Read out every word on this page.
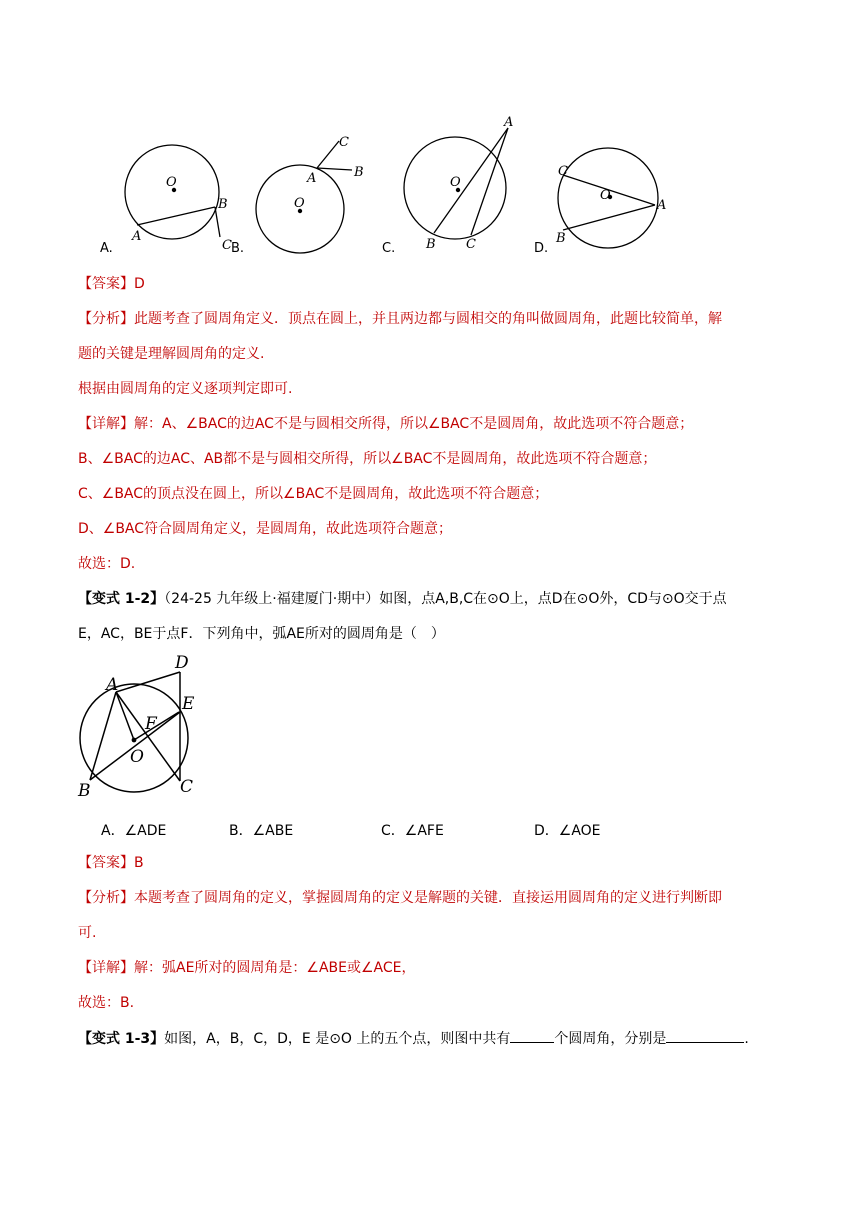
O
B
A
C
C
A	B
O
A
O
B C
C
O
A
B
A.	B.	C.	D.
【答案】D
【分析】此题考查了圆周角定义．顶点在圆上，并且两边都与圆相交的角叫做圆周角，此题比较简单，解
题的关键是理解圆周角的定义.
根据由圆周角的定义逐项判定即可.
【详解】解：A、∠BAC的边AC不是与圆相交所得，所以∠BAC不是圆周角，故此选项不符合题意；
B、∠BAC的边AC、AB都不是与圆相交所得，所以∠BAC不是圆周角，故此选项不符合题意；
C、∠BAC的顶点没在圆上，所以∠BAC不是圆周角，故此选项不符合题意；
D、∠BAC符合圆周角定义，是圆周角，故此选项符合题意；
故选：D.
【变式 1-2】（24-25 九年级上·福建厦门·期中）如图，点A,B,C在⊙O上，点D在⊙O外，CD与⊙O交于点
E，AC，BE于点F．下列角中，弧AE所对的圆周角是（　）
D
A
E
F
O
B	C
A．∠ADE	B．∠ABE	C．∠AFE	D．∠AOE
【答案】B
【分析】本题考查了圆周角的定义，掌握圆周角的定义是解题的关键．直接运用圆周角的定义进行判断即
可.
【详解】解：弧AE所对的圆周角是：∠ABE或∠ACE，
故选：B.
【变式 1-3】如图，A，B，C，D，E 是⊙O 上的五个点，则图中共有	个圆周角，分别是	.
